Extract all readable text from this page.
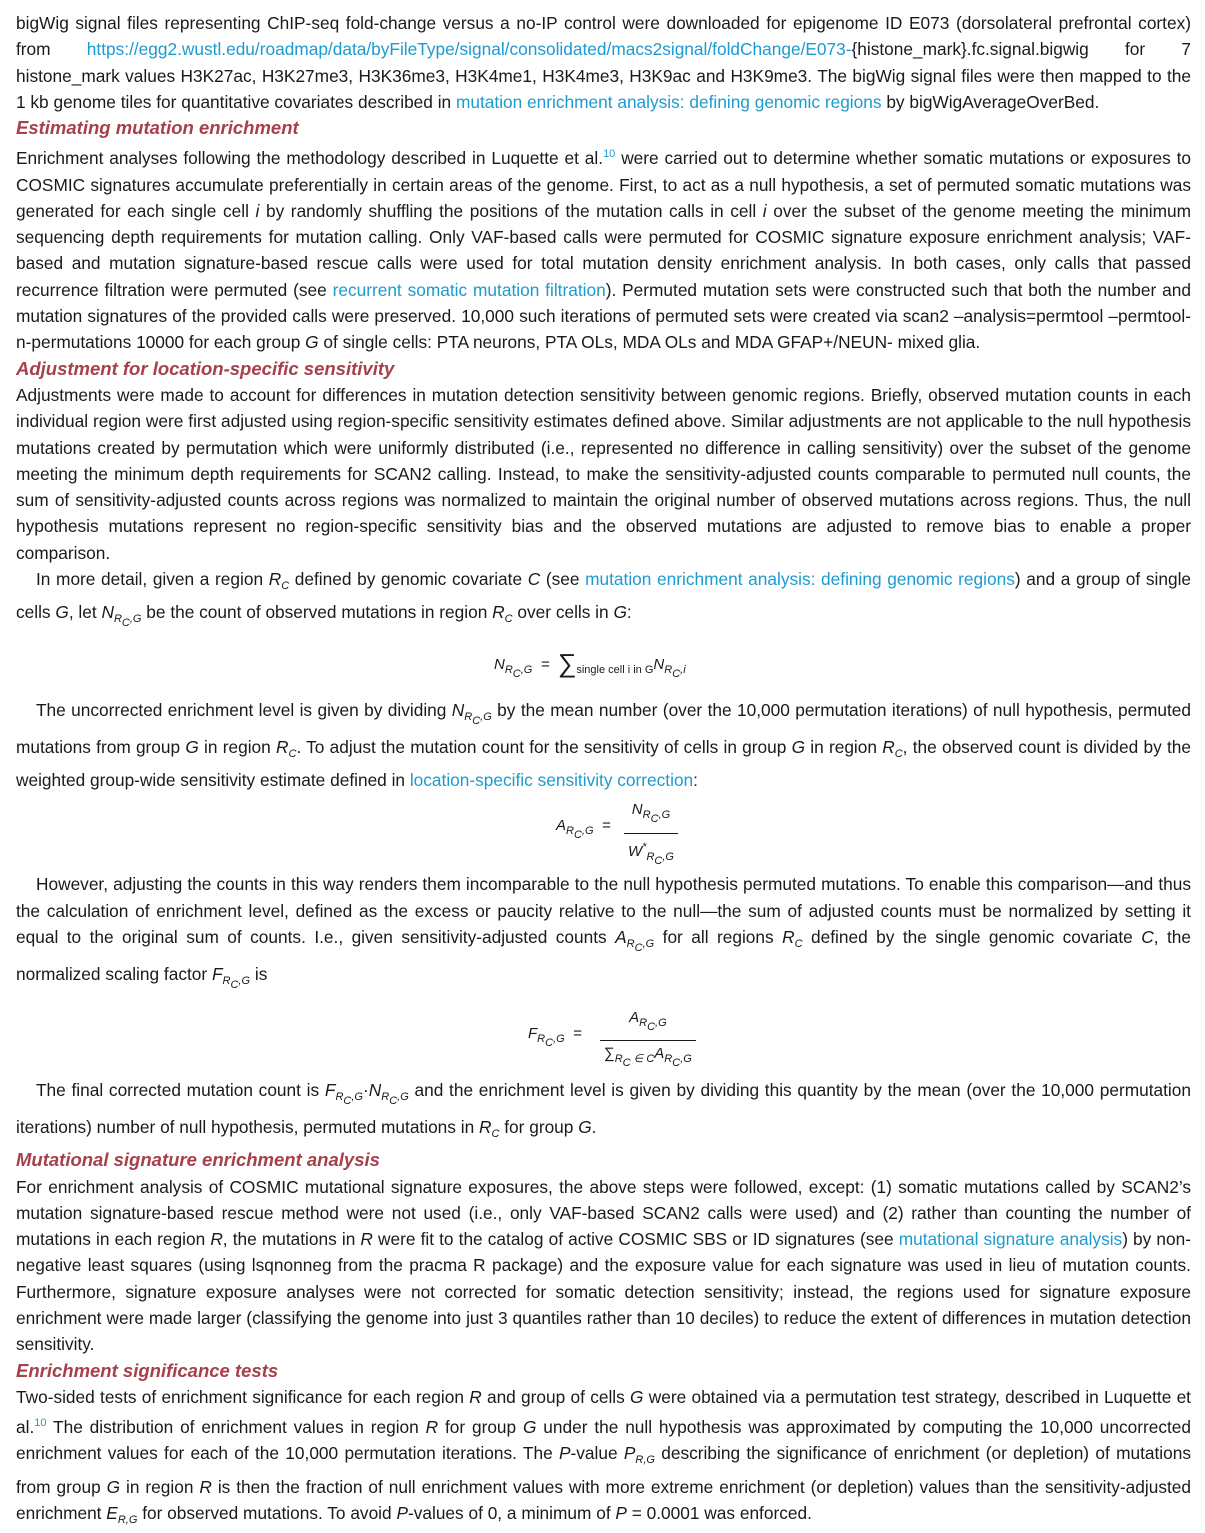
bigWig signal files representing ChIP-seq fold-change versus a no-IP control were downloaded for epigenome ID E073 (dorsolateral prefrontal cortex) from https://egg2.wustl.edu/roadmap/data/byFileType/signal/consolidated/macs2signal/foldChange/E073-{histone_mark}.fc.signal.bigwig for 7 histone_mark values H3K27ac, H3K27me3, H3K36me3, H3K4me1, H3K4me3, H3K9ac and H3K9me3. The bigWig signal files were then mapped to the 1 kb genome tiles for quantitative covariates described in mutation enrichment analysis: defining genomic regions by bigWigAverageOverBed.

Estimating mutation enrichment

Enrichment analyses following the methodology described in Luquette et al.$^{10}$ were carried out to determine whether somatic mutations or exposures to COSMIC signatures accumulate preferentially in certain areas of the genome. First, to act as a null hypothesis, a set of permuted somatic mutations was generated for each single cell i by randomly shuffling the positions of the mutation calls in cell i over the subset of the genome meeting the minimum sequencing depth requirements for mutation calling. Only VAF-based calls were permuted for COSMIC signature exposure enrichment analysis; VAF-based and mutation signature-based rescue calls were used for total mutation density enrichment analysis. In both cases, only calls that passed recurrence filtration were permuted (see recurrent somatic mutation filtration). Permuted mutation sets were constructed such that both the number and mutation signatures of the provided calls were preserved. 10,000 such iterations of permuted sets were created via scan2 –analysis=permtool –permtool-n-permutations 10000 for each group G of single cells: PTA neurons, PTA OLs, MDA OLs and MDA GFAP+/NEUN- mixed glia.

Adjustment for location-specific sensitivity

Adjustments were made to account for differences in mutation detection sensitivity between genomic regions. Briefly, observed mutation counts in each individual region were first adjusted using region-specific sensitivity estimates defined above. Similar adjustments are not applicable to the null hypothesis mutations created by permutation which were uniformly distributed (i.e., represented no difference in calling sensitivity) over the subset of the genome meeting the minimum depth requirements for SCAN2 calling. Instead, to make the sensitivity-adjusted counts comparable to permuted null counts, the sum of sensitivity-adjusted counts across regions was normalized to maintain the original number of observed mutations across regions. Thus, the null hypothesis mutations represent no region-specific sensitivity bias and the observed mutations are adjusted to remove bias to enable a proper comparison.

In more detail, given a region $R_C$ defined by genomic covariate C (see mutation enrichment analysis: defining genomic regions) and a group of single cells G, let $N_{R_C,G}$ be the count of observed mutations in region $R_C$ over cells in G:

$N_{R_C,G} = \sum_{single cell i in G}N_{R_C,i}$

The uncorrected enrichment level is given by dividing $N_{R_C,G}$ by the mean number (over the 10,000 permutation iterations) of null hypothesis, permuted mutations from group G in region $R_C$. To adjust the mutation count for the sensitivity of cells in group G in region $R_C$, the observed count is divided by the weighted group-wide sensitivity estimate defined in location-specific sensitivity correction:

$A_{R_C,G}$  =
$N_{R_C,G}$
$W^*_{R_C,G}$

However, adjusting the counts in this way renders them incomparable to the null hypothesis permuted mutations. To enable this comparison—and thus the calculation of enrichment level, defined as the excess or paucity relative to the null—the sum of adjusted counts must be normalized by setting it equal to the original sum of counts. I.e., given sensitivity-adjusted counts $A_{R_C,G}$ for all regions $R_C$ defined by the single genomic covariate C, the normalized scaling factor $F_{R_C,G}$ is

$F_{R_C,G}$  =
$A_{R_C,G}$
$\sum_{R_C \in C}A_{R_C,G}$

The final corrected mutation count is $F_{R_C,G}\cdot N_{R_C,G}$ and the enrichment level is given by dividing this quantity by the mean (over the 10,000 permutation iterations) number of null hypothesis, permuted mutations in $R_C$ for group G.

Mutational signature enrichment analysis

For enrichment analysis of COSMIC mutational signature exposures, the above steps were followed, except: (1) somatic mutations called by SCAN2’s mutation signature-based rescue method were not used (i.e., only VAF-based SCAN2 calls were used) and (2) rather than counting the number of mutations in each region R, the mutations in R were fit to the catalog of active COSMIC SBS or ID signatures (see mutational signature analysis) by non-negative least squares (using lsqnonneg from the pracma R package) and the exposure value for each signature was used in lieu of mutation counts. Furthermore, signature exposure analyses were not corrected for somatic detection sensitivity; instead, the regions used for signature exposure enrichment were made larger (classifying the genome into just 3 quantiles rather than 10 deciles) to reduce the extent of differences in mutation detection sensitivity.

Enrichment significance tests

Two-sided tests of enrichment significance for each region R and group of cells G were obtained via a permutation test strategy, described in Luquette et al.$^{10}$ The distribution of enrichment values in region R for group G under the null hypothesis was approximated by computing the 10,000 uncorrected enrichment values for each of the 10,000 permutation iterations. The P-value $P_{R,G}$ describing the significance of enrichment (or depletion) of mutations from group G in region R is then the fraction of null enrichment values with more extreme enrichment (or depletion) values than the sensitivity-adjusted enrichment $E_{R,G}$ for observed mutations. To avoid P-values of 0, a minimum of P = 0.0001 was enforced.
